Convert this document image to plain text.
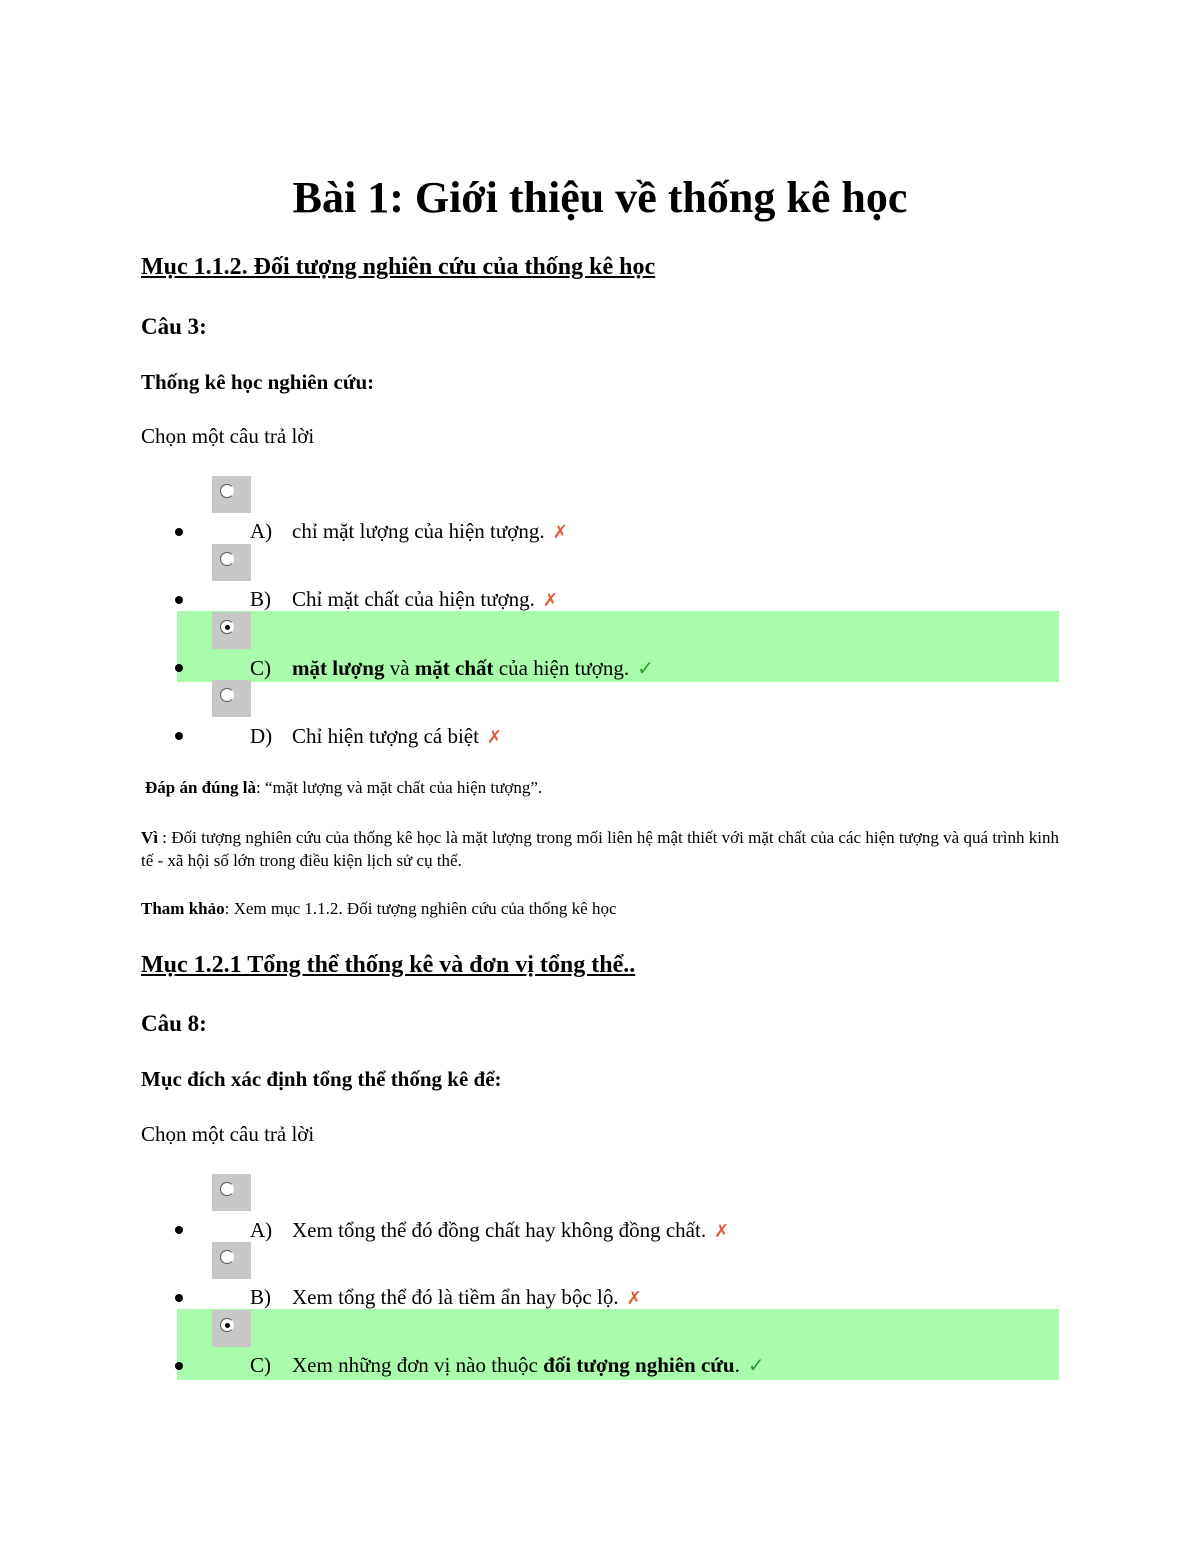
Bài 1: Giới thiệu về thống kê học
Mục 1.1.2. Đối tượng nghiên cứu của thống kê học
Câu 3:
Thống kê học nghiên cứu:
Chọn một câu trả lời
A) chỉ mặt lượng của hiện tượng. ✗
B) Chỉ mặt chất của hiện tượng. ✗
C) mặt lượng và mặt chất của hiện tượng. ✓
D) Chỉ hiện tượng cá biệt ✗
Đáp án đúng là: “mặt lượng và mặt chất của hiện tượng”.
Vì : Đối tượng nghiên cứu của thống kê học là mặt lượng trong mối liên hệ mật thiết với mặt chất của các hiện tượng và quá trình kinh tế - xã hội số lớn trong điều kiện lịch sử cụ thể.
Tham khảo: Xem mục 1.1.2. Đối tượng nghiên cứu của thống kê học
Mục 1.2.1 Tổng thể thống kê và đơn vị tổng thể..
Câu 8:
Mục đích xác định tổng thể thống kê để:
Chọn một câu trả lời
A) Xem tổng thể đó đồng chất hay không đồng chất. ✗
B) Xem tổng thể đó là tiềm ẩn hay bộc lộ. ✗
C) Xem những đơn vị nào thuộc đối tượng nghiên cứu. ✓
